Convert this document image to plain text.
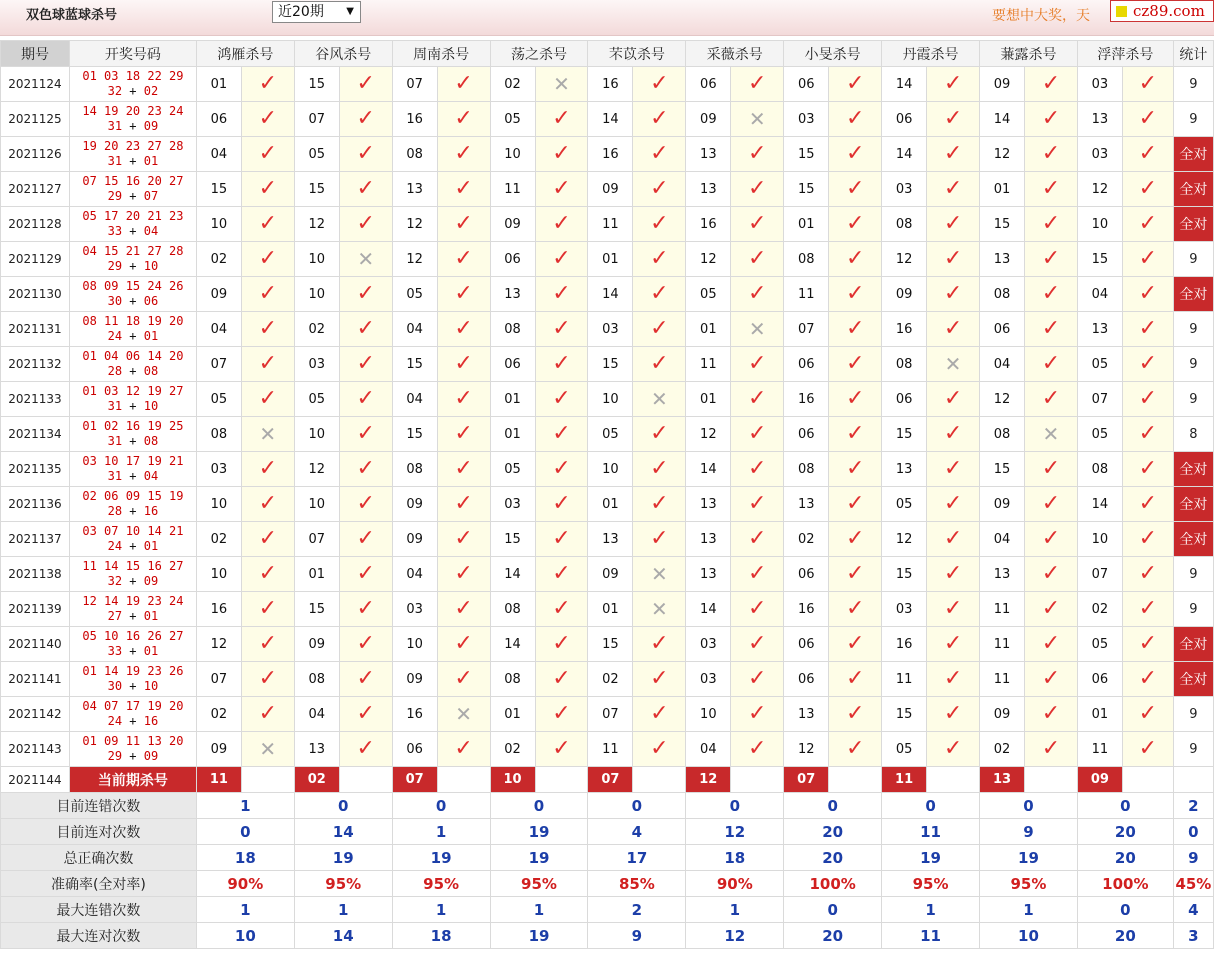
双色球蓝球杀号	近20期 ▼	要想中大奖，天	cz89.com
期号	开奖号码	鸿雁杀号		谷风杀号		周南杀号		荡之杀号		芣苡杀号		采薇杀号		小旻杀号		丹霞杀号		蒹露杀号		浮萍杀号		统计
2021124	01 03 18 22 29
32 + 02	01	✓	15	✓	07	✓	02	✕	16	✓	06	✓	06	✓	14	✓	09	✓	03	✓	9
2021125	14 19 20 23 24
31 + 09	06	✓	07	✓	16	✓	05	✓	14	✓	09	✕	03	✓	06	✓	14	✓	13	✓	9
2021126	19 20 23 27 28
31 + 01	04	✓	05	✓	08	✓	10	✓	16	✓	13	✓	15	✓	14	✓	12	✓	03	✓	全对
2021127	07 15 16 20 27
29 + 07	15	✓	15	✓	13	✓	11	✓	09	✓	13	✓	15	✓	03	✓	01	✓	12	✓	全对
2021128	05 17 20 21 23
33 + 04	10	✓	12	✓	12	✓	09	✓	11	✓	16	✓	01	✓	08	✓	15	✓	10	✓	全对
2021129	04 15 21 27 28
29 + 10	02	✓	10	✕	12	✓	06	✓	01	✓	12	✓	08	✓	12	✓	13	✓	15	✓	9
2021130	08 09 15 24 26
30 + 06	09	✓	10	✓	05	✓	13	✓	14	✓	05	✓	11	✓	09	✓	08	✓	04	✓	全对
2021131	08 11 18 19 20
24 + 01	04	✓	02	✓	04	✓	08	✓	03	✓	01	✕	07	✓	16	✓	06	✓	13	✓	9
2021132	01 04 06 14 20
28 + 08	07	✓	03	✓	15	✓	06	✓	15	✓	11	✓	06	✓	08	✕	04	✓	05	✓	9
2021133	01 03 12 19 27
31 + 10	05	✓	05	✓	04	✓	01	✓	10	✕	01	✓	16	✓	06	✓	12	✓	07	✓	9
2021134	01 02 16 19 25
31 + 08	08	✕	10	✓	15	✓	01	✓	05	✓	12	✓	06	✓	15	✓	08	✕	05	✓	8
2021135	03 10 17 19 21
31 + 04	03	✓	12	✓	08	✓	05	✓	10	✓	14	✓	08	✓	13	✓	15	✓	08	✓	全对
2021136	02 06 09 15 19
28 + 16	10	✓	10	✓	09	✓	03	✓	01	✓	13	✓	13	✓	05	✓	09	✓	14	✓	全对
2021137	03 07 10 14 21
24 + 01	02	✓	07	✓	09	✓	15	✓	13	✓	13	✓	02	✓	12	✓	04	✓	10	✓	全对
2021138	11 14 15 16 27
32 + 09	10	✓	01	✓	04	✓	14	✓	09	✕	13	✓	06	✓	15	✓	13	✓	07	✓	9
2021139	12 14 19 23 24
27 + 01	16	✓	15	✓	03	✓	08	✓	01	✕	14	✓	16	✓	03	✓	11	✓	02	✓	9
2021140	05 10 16 26 27
33 + 01	12	✓	09	✓	10	✓	14	✓	15	✓	03	✓	06	✓	16	✓	11	✓	05	✓	全对
2021141	01 14 19 23 26
30 + 10	07	✓	08	✓	09	✓	08	✓	02	✓	03	✓	06	✓	11	✓	11	✓	06	✓	全对
2021142	04 07 17 19 20
24 + 16	02	✓	04	✓	16	✕	01	✓	07	✓	10	✓	13	✓	15	✓	09	✓	01	✓	9
2021143	01 09 11 13 20
29 + 09	09	✕	13	✓	06	✓	02	✓	11	✓	04	✓	12	✓	05	✓	02	✓	11	✓	9
2021144	当前期杀号	11		02		07		10		07		12		07		11		13		09		
目前连错次数		1		0		0		0		0		0		0		0		0		0		2
目前连对次数		0		14		1		19		4		12		20		11		9		20		0
总正确次数		18		19		19		19		17		18		20		19		19		20		9
准确率(全对率)		90%		95%		95%		95%		85%		90%		100%		95%		95%		100%		45%
最大连错次数		1		1		1		1		2		1		0		1		1		0		4
最大连对次数		10		14		18		19		9		12		20		11		10		20		3
